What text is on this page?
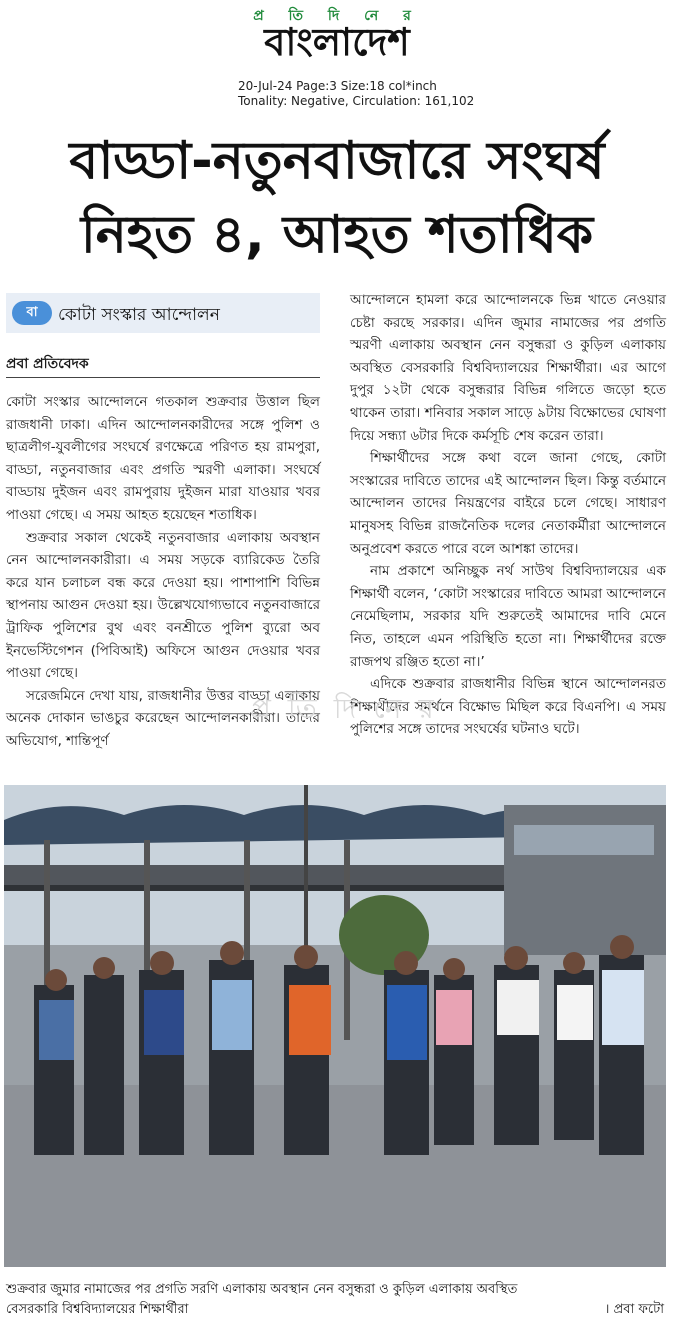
প্র তি দি নে র
বাংলাদেশ
20-Jul-24 Page:3 Size:18 col*inch
Tonality: Negative, Circulation: 161,102
বাড্ডা-নতুনবাজারে সংঘর্ষ
নিহত ৪, আহত শতাধিক
বা	কোটা সংস্কার আন্দোলন
প্রবা প্রতিবেদক

কোটা সংস্কার আন্দোলনে গতকাল শুক্রবার উত্তাল ছিল রাজধানী ঢাকা। এদিন আন্দোলনকারীদের সঙ্গে পুলিশ ও ছাত্রলীগ-যুবলীগের সংঘর্ষে রণক্ষেত্রে পরিণত হয় রামপুরা, বাড্ডা, নতুনবাজার এবং প্রগতি স্মরণী এলাকা। সংঘর্ষে বাড্ডায় দুইজন এবং রামপুরায় দুইজন মারা যাওয়ার খবর পাওয়া গেছে। এ সময় আহত হয়েছেন শতাধিক।

শুক্রবার সকাল থেকেই নতুনবাজার এলাকায় অবস্থান নেন আন্দোলনকারীরা। এ সময় সড়কে ব্যারিকেড তৈরি করে যান চলাচল বন্ধ করে দেওয়া হয়। পাশাপাশি বিভিন্ন স্থাপনায় আগুন দেওয়া হয়। উল্লেখযোগ্যভাবে নতুনবাজারে ট্রাফিক পুলিশের বুথ এবং বনশ্রীতে পুলিশ ব্যুরো অব ইনভেস্টিগেশন (পিবিআই) অফিসে আগুন দেওয়ার খবর পাওয়া গেছে।

সরেজমিনে দেখা যায়, রাজধানীর উত্তর বাড্ডা এলাকায় অনেক দোকান ভাঙচুর করেছেন আন্দোলনকারীরা। তাদের অভিযোগ, শান্তিপূর্ণ

আন্দোলনে হামলা করে আন্দোলনকে ভিন্ন খাতে নেওয়ার চেষ্টা করছে সরকার। এদিন জুমার নামাজের পর প্রগতি স্মরণী এলাকায় অবস্থান নেন বসুন্ধরা ও কুড়িল এলাকায় অবস্থিত বেসরকারি বিশ্ববিদ্যালয়ের শিক্ষার্থীরা। এর আগে দুপুর ১২টা থেকে বসুন্ধরার বিভিন্ন গলিতে জড়ো হতে থাকেন তারা। শনিবার সকাল সাড়ে ৯টায় বিক্ষোভের ঘোষণা দিয়ে সন্ধ্যা ৬টার দিকে কর্মসূচি শেষ করেন তারা।

শিক্ষার্থীদের সঙ্গে কথা বলে জানা গেছে, কোটা সংস্কারের দাবিতে তাদের এই আন্দোলন ছিল। কিন্তু বর্তমানে আন্দোলন তাদের নিয়ন্ত্রণের বাইরে চলে গেছে। সাধারণ মানুষসহ বিভিন্ন রাজনৈতিক দলের নেতাকর্মীরা আন্দোলনে অনুপ্রবেশ করতে পারে বলে আশঙ্কা তাদের।

নাম প্রকাশে অনিচ্ছুক নর্থ সাউথ বিশ্ববিদ্যালয়ের এক শিক্ষার্থী বলেন, ‘কোটা সংস্কারের দাবিতে আমরা আন্দোলনে নেমেছিলাম, সরকার যদি শুরুতেই আমাদের দাবি মেনে নিত, তাহলে এমন পরিস্থিতি হতো না। শিক্ষার্থীদের রক্তে রাজপথ রঞ্জিত হতো না।’

এদিকে শুক্রবার রাজধানীর বিভিন্ন স্থানে আন্দোলনরত শিক্ষার্থীদের সমর্থনে বিক্ষোভ মিছিল করে বিএনপি। এ সময় পুলিশের সঙ্গে তাদের সংঘর্ষের ঘটনাও ঘটে।

প্র তি দি নে র
শুক্রবার জুমার নামাজের পর প্রগতি সরণি এলাকায় অবস্থান নেন বসুন্ধরা ও কুড়িল এলাকায় অবস্থিত
বেসরকারি বিশ্ববিদ্যালয়ের শিক্ষার্থীরা	। প্রবা ফটো
